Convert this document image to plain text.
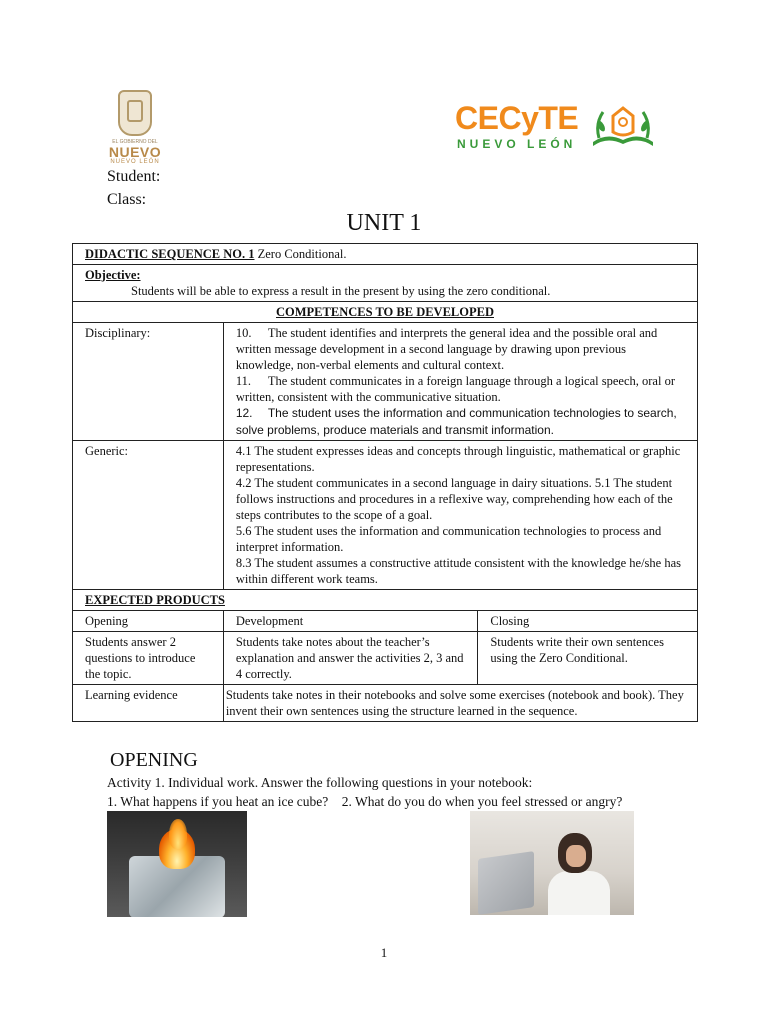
EL GOBIERNO DEL
NUEVO
NUEVO LEÓN
CECyTE
NUEVO LEÓN
Student:
Class:
UNIT 1
DIDACTIC SEQUENCE NO. 1 Zero Conditional.		
Objective:
Students will be able to express a result in the present by using the zero conditional.		

COMPETENCES TO BE DEVELOPED		
Disciplinary:	10. The student identifies and interprets the general idea and the possible oral and written message development in a second language by drawing upon previous knowledge, non-verbal elements and cultural context.
11. The student communicates in a foreign language through a logical speech, oral or written, consistent with the communicative situation.
12. The student uses the information and communication technologies to search, solve problems, produce materials and transmit information.	

Generic:	4.1 The student expresses ideas and concepts through linguistic, mathematical or graphic representations.
4.2 The student communicates in a second language in dairy situations. 5.1 The student follows instructions and procedures in a reflexive way, comprehending how each of the steps contributes to the scope of a goal.
5.6 The student uses the information and communication technologies to process and interpret information.
8.3 The student assumes a constructive attitude consistent with the knowledge he/she has within different work teams.	

EXPECTED PRODUCTS		
Opening	Development	Closing
Students answer 2 questions to introduce the topic.	Students take notes about the teacher’s explanation and answer the activities 2, 3 and 4 correctly.	Students write their own sentences using the Zero Conditional.
Learning evidence	Students take notes in their notebooks and solve some exercises (notebook and book). They invent their own sentences using the structure learned in the sequence.	
OPENING
Activity 1. Individual work. Answer the following questions in your notebook:
1. What happens if you heat an ice cube?    2. What do you do when you feel stressed or angry?
1
